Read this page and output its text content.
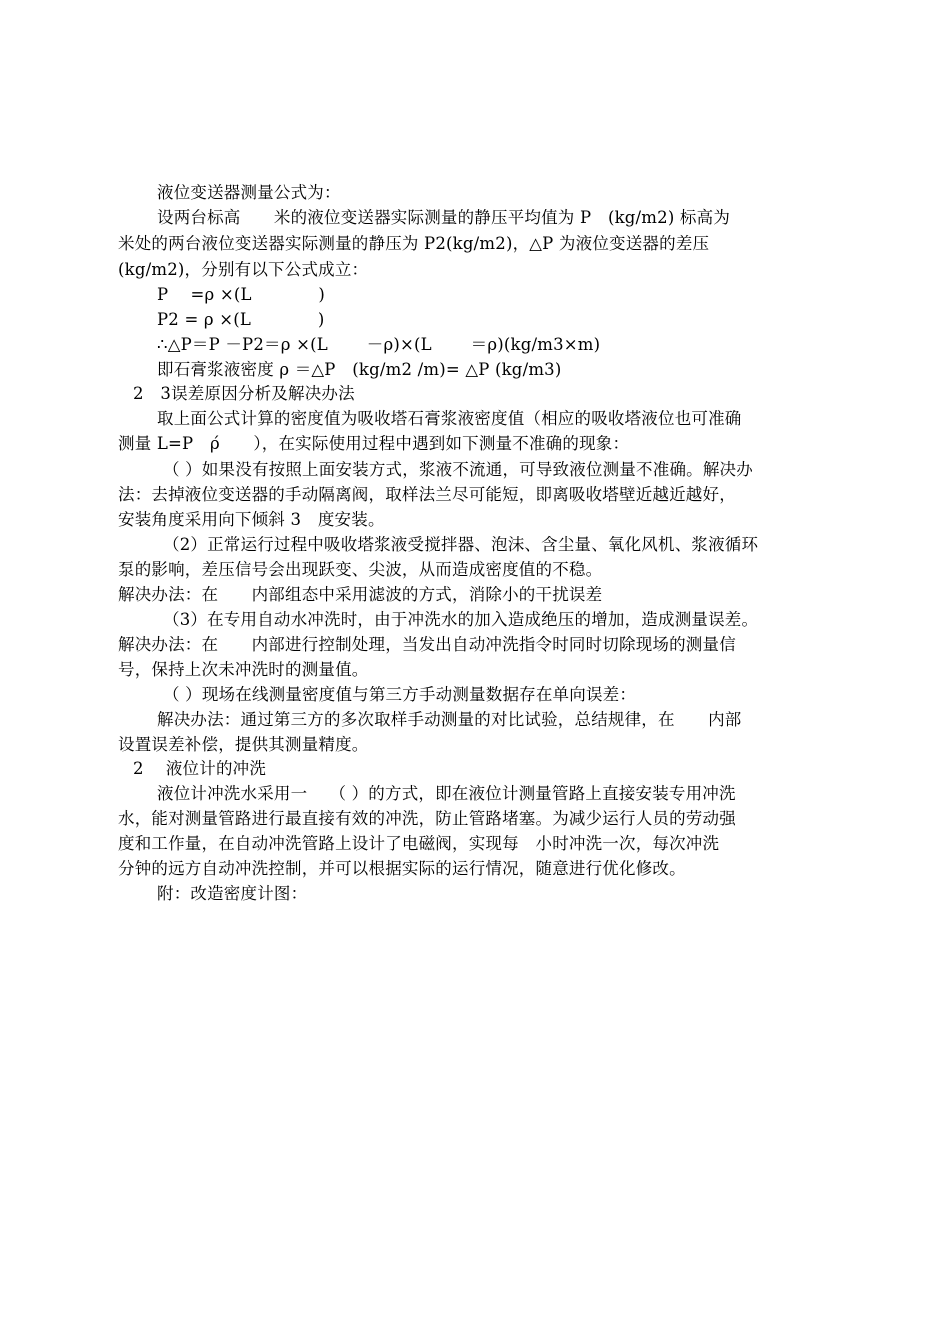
液位变送器测量公式为：
设两台标高　　米的液位变送器实际测量的静压平均值为 P　(kg/m2) 标高为
米处的两台液位变送器实际测量的静压为 P2(kg/m2)，△P 为液位变送器的差压
(kg/m2)，分别有以下公式成立：
P　 =ρ ×(L　　　　)
P2 = ρ ×(L　　　　)
∴△P＝P －P2＝ρ ×(L　　 －ρ)×(L　　 ＝ρ)(kg/m3×m)
即石膏浆液密度 ρ ＝△P　(kg/m2 /m)= △P (kg/m3)
2　3误差原因分析及解决办法
取上面公式计算的密度值为吸收塔石膏浆液密度值（相应的吸收塔液位也可准确
测量 L=P　ρ́　　），在实际使用过程中遇到如下测量不准确的现象：
（ ）如果没有按照上面安装方式，浆液不流通，可导致液位测量不准确。解决办
法：去掉液位变送器的手动隔离阀，取样法兰尽可能短，即离吸收塔壁近越近越好，
安装角度采用向下倾斜 3　度安装。
（2）正常运行过程中吸收塔浆液受搅拌器、泡沫、含尘量、氧化风机、浆液循环
泵的影响，差压信号会出现跃变、尖波，从而造成密度值的不稳。
解决办法：在　　内部组态中采用滤波的方式，消除小的干扰误差
（3）在专用自动水冲洗时，由于冲洗水的加入造成绝压的增加，造成测量误差。
解决办法：在　　内部进行控制处理，当发出自动冲洗指令时同时切除现场的测量信
号，保持上次未冲洗时的测量值。
（ ）现场在线测量密度值与第三方手动测量数据存在单向误差：
解决办法：通过第三方的多次取样手动测量的对比试验，总结规律，在　　内部
设置误差补偿，提供其测量精度。
2　 液位计的冲洗
液位计冲洗水采用一　 （ ）的方式，即在液位计测量管路上直接安装专用冲洗
水，能对测量管路进行最直接有效的冲洗，防止管路堵塞。为减少运行人员的劳动强
度和工作量，在自动冲洗管路上设计了电磁阀，实现每　小时冲洗一次，每次冲洗
分钟的远方自动冲洗控制，并可以根据实际的运行情况，随意进行优化修改。
附：改造密度计图：
